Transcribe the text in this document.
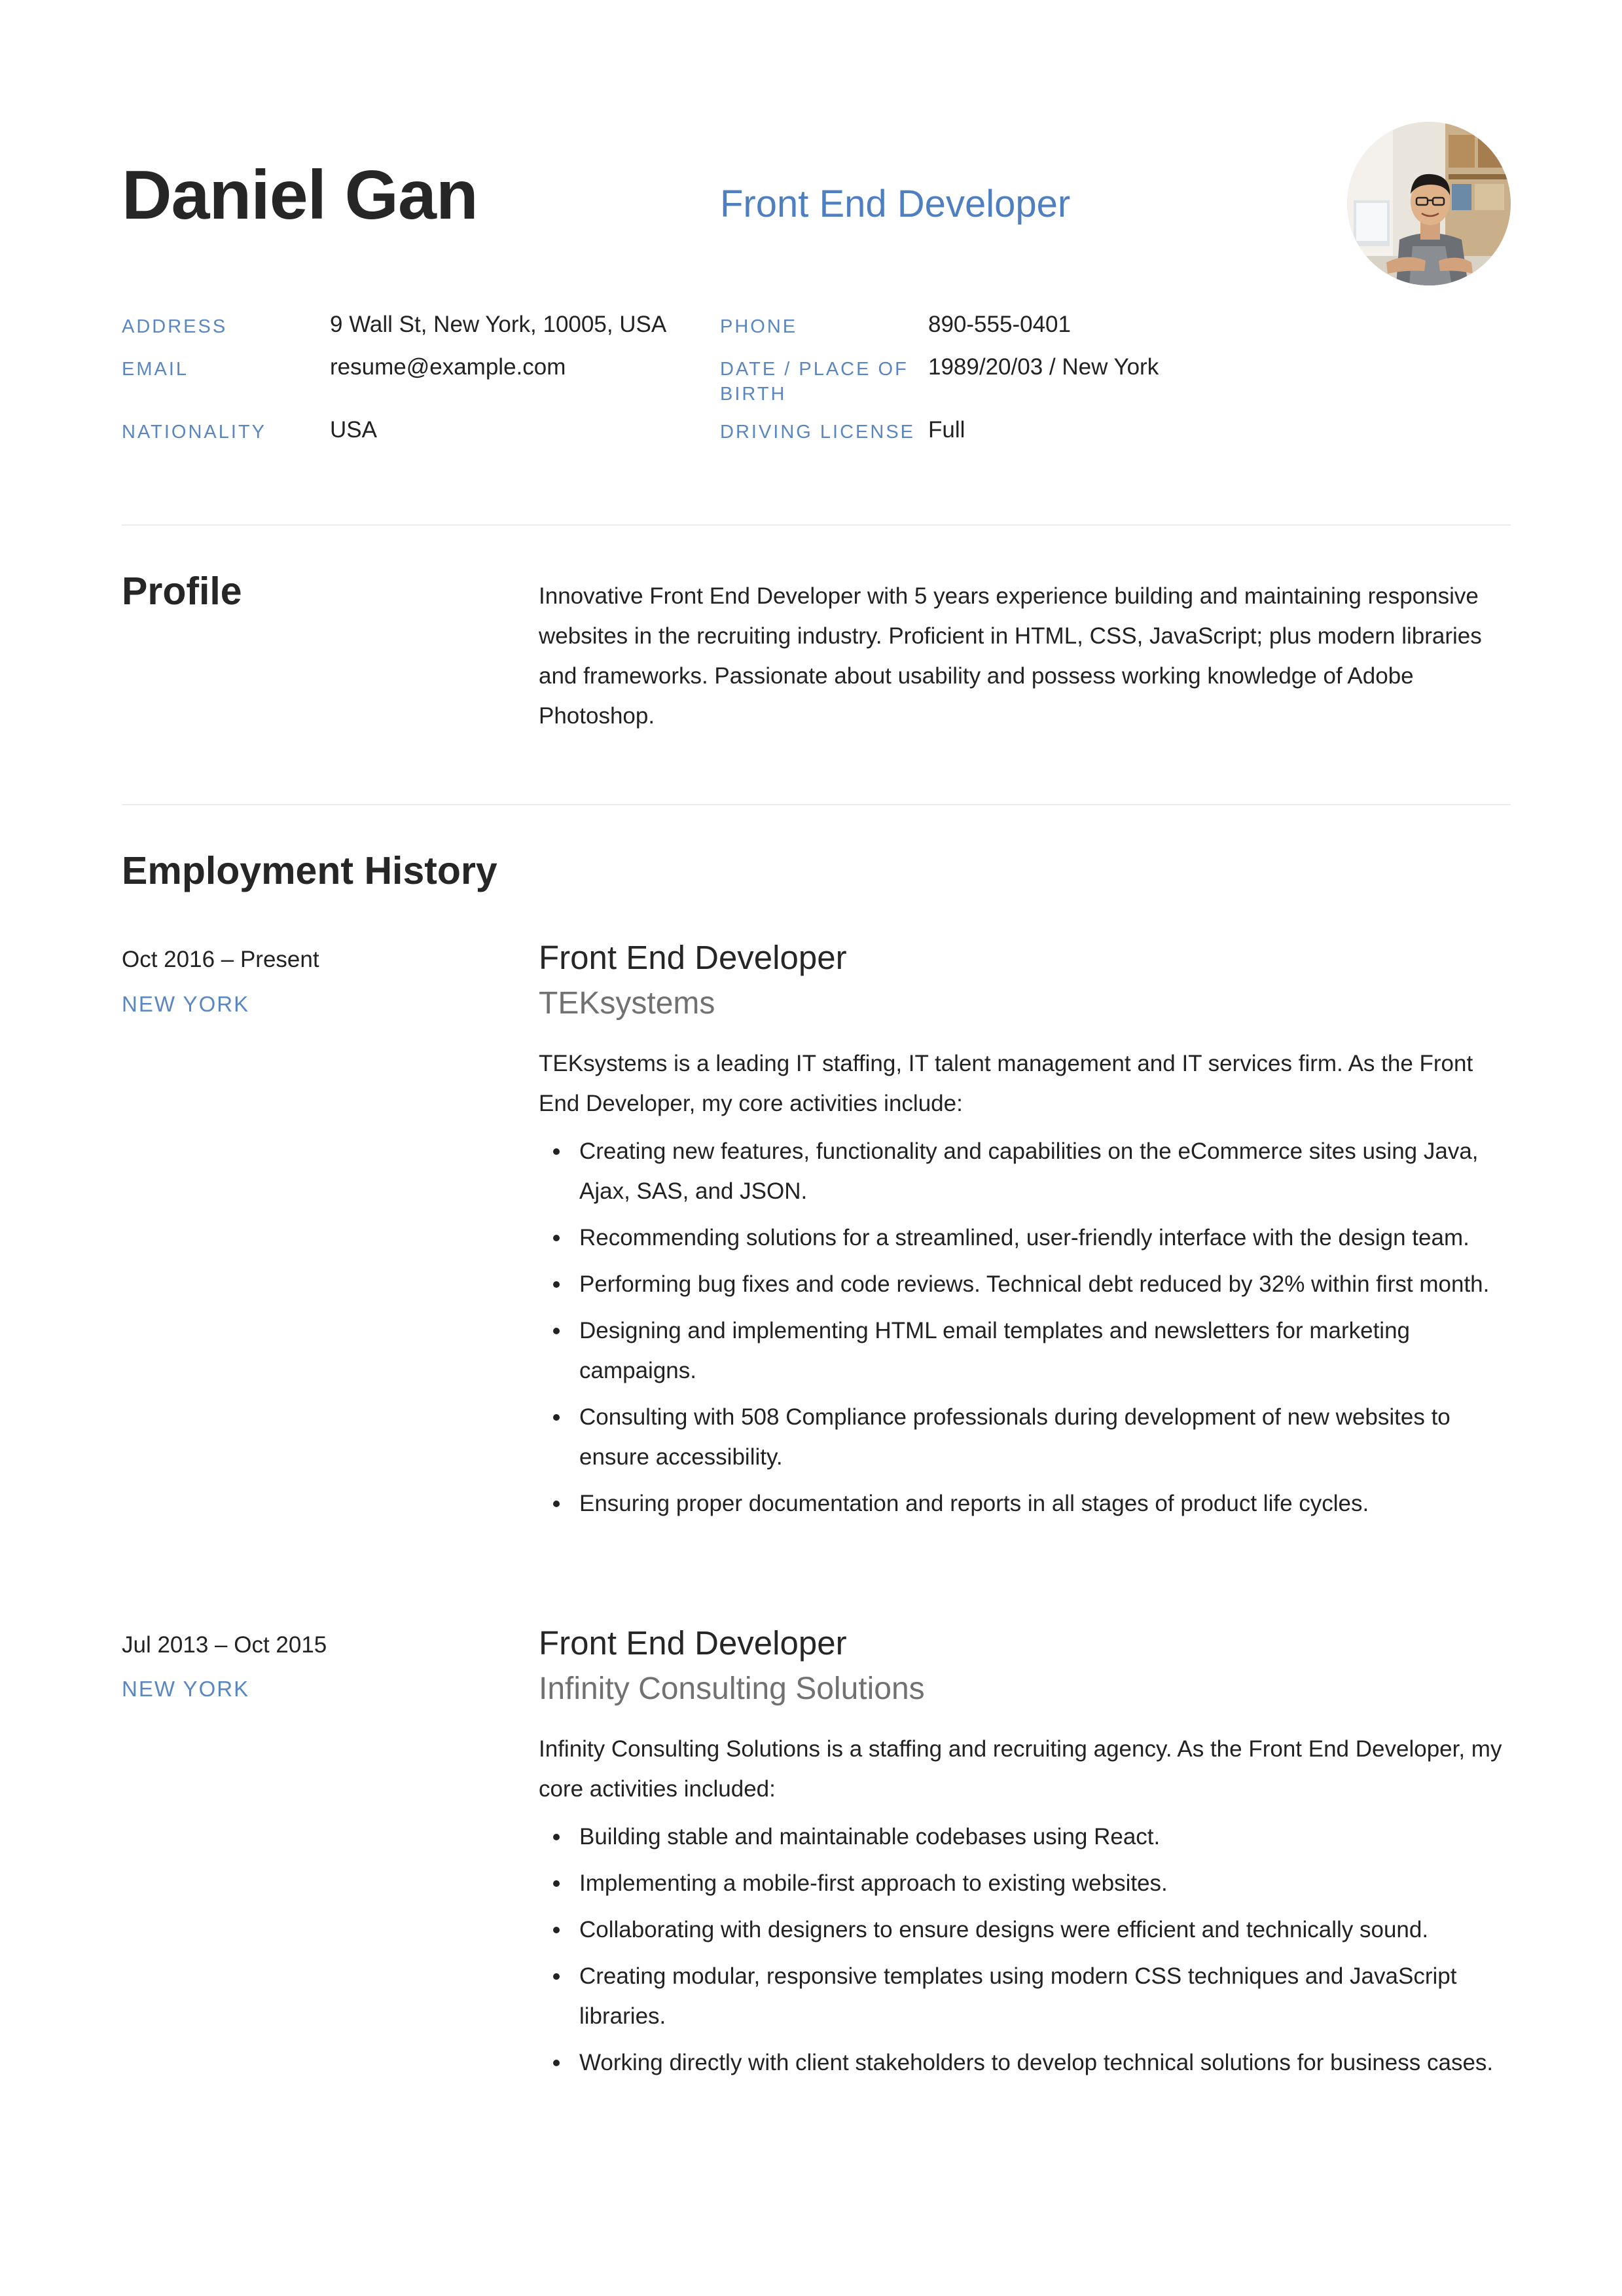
Daniel Gan	Front End Developer
ADDRESS	9 Wall St, New York, 10005, USA
EMAIL	resume@example.com
NATIONALITY	USA
PHONE	890-555-0401
DATE / PLACE OF
BIRTH
1989/20/03 / New York
DRIVING LICENSE Full
Profile	Innovative Front End Developer with 5 years experience building and maintaining responsive websites in the recruiting industry. Proficient in HTML, CSS, JavaScript; plus modern libraries and frameworks. Passionate about usability and possess working knowledge of Adobe Photoshop.
Employment History
Oct 2016 – Present
NEW YORK
Front End Developer
TEKsystems
TEKsystems is a leading IT staffing, IT talent management and IT services firm. As the Front End Developer, my core activities include:
Creating new features, functionality and capabilities on the eCommerce sites using Java, Ajax, SAS, and JSON.
Recommending solutions for a streamlined, user-friendly interface with the design team.
Performing bug fixes and code reviews. Technical debt reduced by 32% within first month.
Designing and implementing HTML email templates and newsletters for marketing campaigns.
Consulting with 508 Compliance professionals during development of new websites to ensure accessibility.
Ensuring proper documentation and reports in all stages of product life cycles.
Jul 2013 – Oct 2015
NEW YORK
Front End Developer
Infinity Consulting Solutions
Infinity Consulting Solutions is a staffing and recruiting agency. As the Front End Developer, my core activities included:
Building stable and maintainable codebases using React.
Implementing a mobile-first approach to existing websites.
Collaborating with designers to ensure designs were efficient and technically sound.
Creating modular, responsive templates using modern CSS techniques and JavaScript libraries.
Working directly with client stakeholders to develop technical solutions for business cases.
